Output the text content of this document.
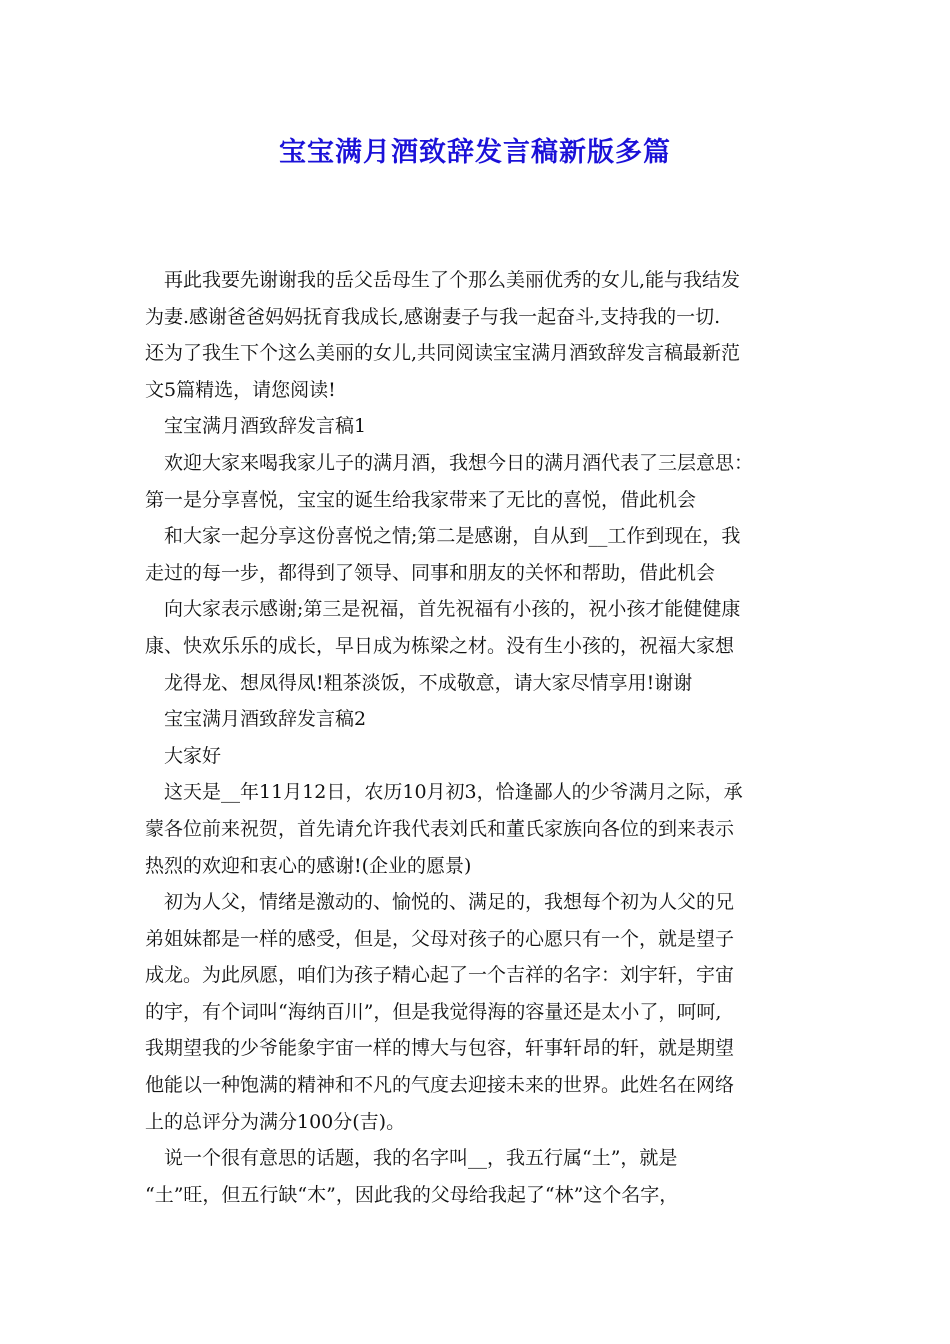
宝宝满月酒致辞发言稿新版多篇
再此我要先谢谢我的岳父岳母生了个那么美丽优秀的女儿,能与我结发
为妻.感谢爸爸妈妈抚育我成长,感谢妻子与我一起奋斗,支持我的一切.
还为了我生下个这么美丽的女儿,共同阅读宝宝满月酒致辞发言稿最新范
文5篇精选，请您阅读!
宝宝满月酒致辞发言稿1
欢迎大家来喝我家儿子的满月酒，我想今日的满月酒代表了三层意思：
第一是分享喜悦，宝宝的诞生给我家带来了无比的喜悦，借此机会
和大家一起分享这份喜悦之情;第二是感谢，自从到__工作到现在，我
走过的每一步，都得到了领导、同事和朋友的关怀和帮助，借此机会
向大家表示感谢;第三是祝福，首先祝福有小孩的，祝小孩才能健健康
康、快欢乐乐的成长，早日成为栋梁之材。没有生小孩的，祝福大家想
龙得龙、想凤得凤!粗茶淡饭，不成敬意，请大家尽情享用!谢谢
宝宝满月酒致辞发言稿2
大家好
这天是__年11月12日，农历10月初3，恰逢鄙人的少爷满月之际，承
蒙各位前来祝贺，首先请允许我代表刘氏和董氏家族向各位的到来表示
热烈的欢迎和衷心的感谢!(企业的愿景)
初为人父，情绪是激动的、愉悦的、满足的，我想每个初为人父的兄
弟姐妹都是一样的感受，但是，父母对孩子的心愿只有一个，就是望子
成龙。为此夙愿，咱们为孩子精心起了一个吉祥的名字：刘宇轩，宇宙
的宇，有个词叫“海纳百川”，但是我觉得海的容量还是太小了，呵呵,
我期望我的少爷能象宇宙一样的博大与包容，轩事轩昂的轩，就是期望
他能以一种饱满的精神和不凡的气度去迎接未来的世界。此姓名在网络
上的总评分为满分100分(吉)。
说一个很有意思的话题，我的名字叫__，我五行属“土”，就是
“土”旺，但五行缺“木”，因此我的父母给我起了“林”这个名字，
